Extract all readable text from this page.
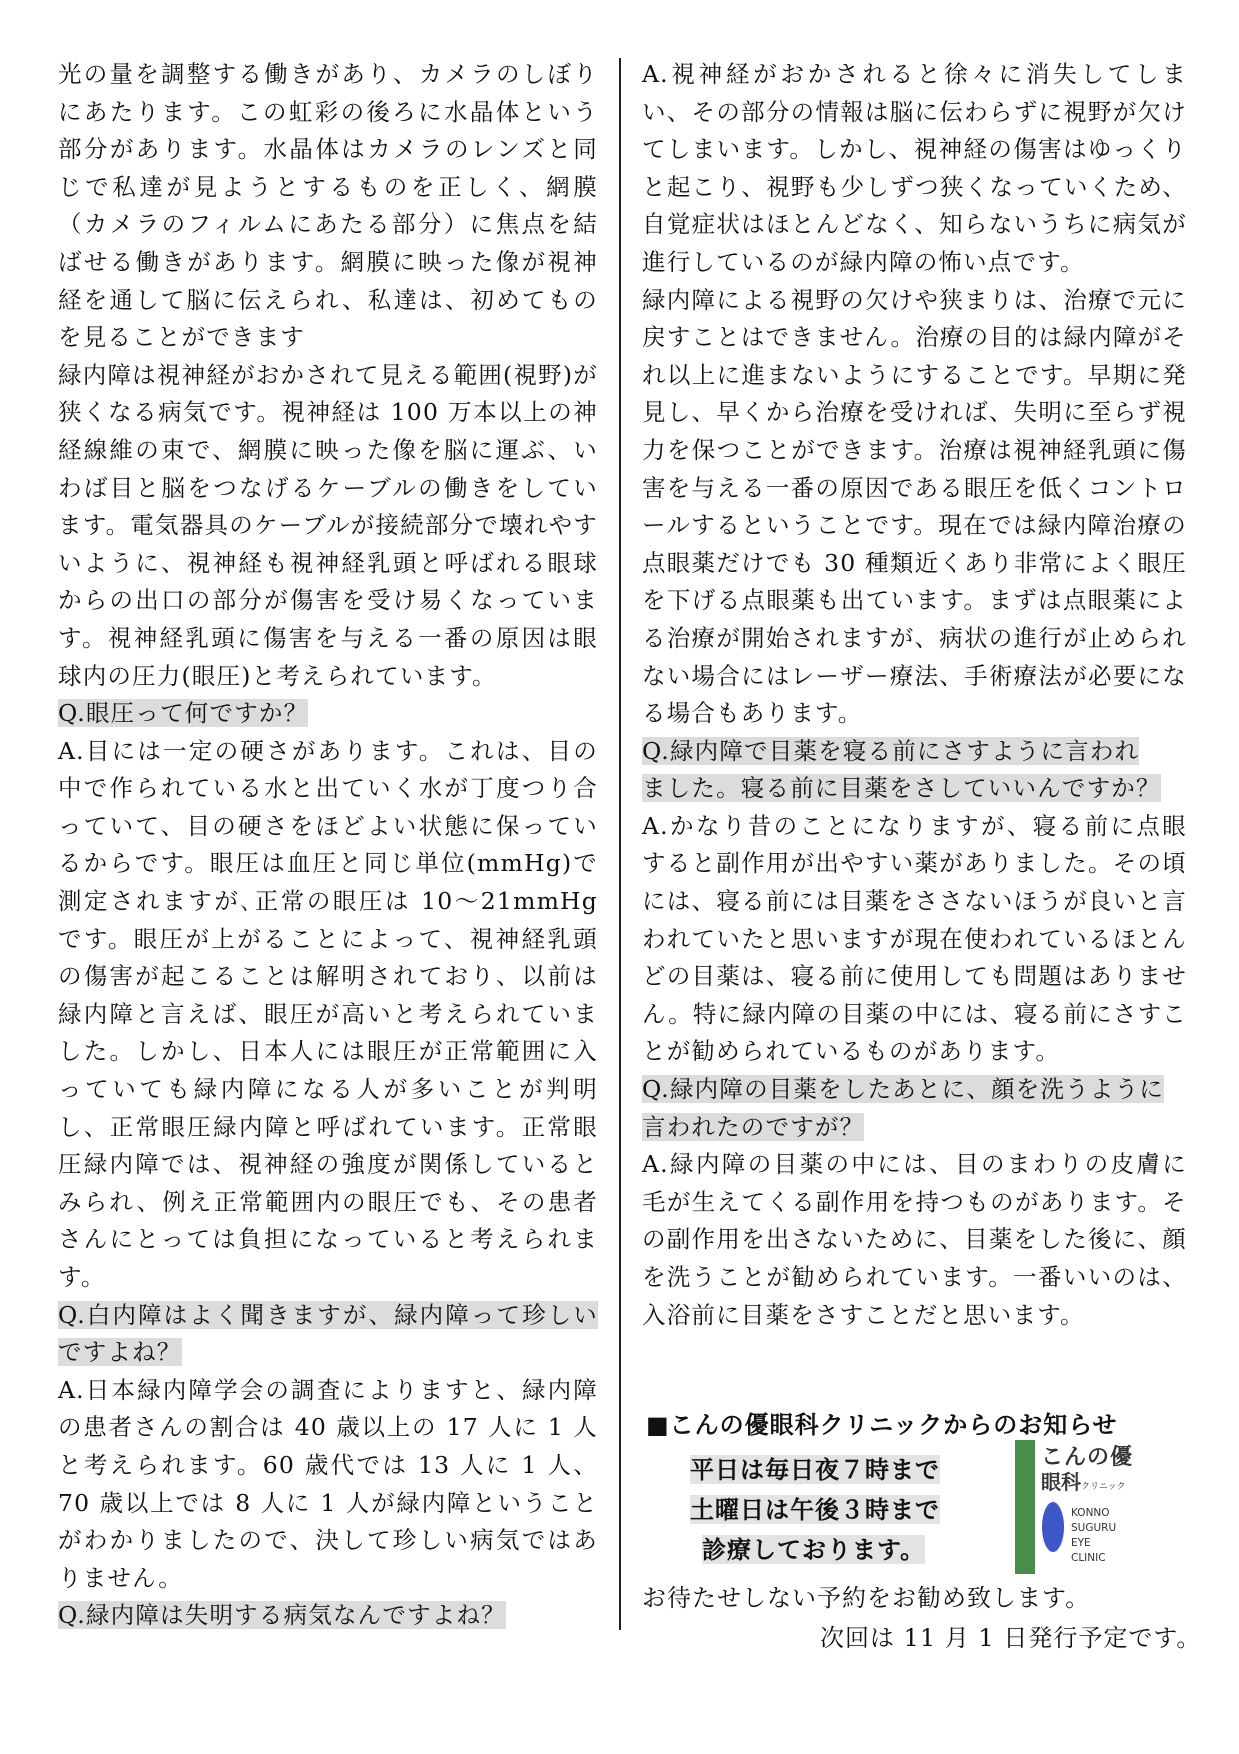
光の量を調整する働きがあり、カメラのしぼりにあたります。この虹彩の後ろに水晶体という部分があります。水晶体はカメラのレンズと同じで私達が見ようとするものを正しく、網膜（カメラのフィルムにあたる部分）に焦点を結ばせる働きがあります。網膜に映った像が視神経を通して脳に伝えられ、私達は、初めてものを見ることができます

緑内障は視神経がおかされて見える範囲(視野)が狭くなる病気です。視神経は 100 万本以上の神経線維の束で、網膜に映った像を脳に運ぶ、いわば目と脳をつなげるケーブルの働きをしています。電気器具のケーブルが接続部分で壊れやすいように、視神経も視神経乳頭と呼ばれる眼球からの出口の部分が傷害を受け易くなっています。視神経乳頭に傷害を与える一番の原因は眼球内の圧力(眼圧)と考えられています。

Q.眼圧って何ですか？

A.目には一定の硬さがあります。これは、目の中で作られている水と出ていく水が丁度つり合っていて、目の硬さをほどよい状態に保っているからです。眼圧は血圧と同じ単位(mmHg)で測定されますが､正常の眼圧は 10～21mmHg です。眼圧が上がることによって、視神経乳頭の傷害が起こることは解明されており、以前は緑内障と言えば、眼圧が高いと考えられていました。しかし、日本人には眼圧が正常範囲に入っていても緑内障になる人が多いことが判明し、正常眼圧緑内障と呼ばれています。正常眼圧緑内障では、視神経の強度が関係しているとみられ、例え正常範囲内の眼圧でも、その患者さんにとっては負担になっていると考えられます。

Q.白内障はよく聞きますが、緑内障って珍しいですよね？

A.日本緑内障学会の調査によりますと、緑内障の患者さんの割合は 40 歳以上の 17 人に 1 人と考えられます。60 歳代では 13 人に 1 人、70 歳以上では 8 人に 1 人が緑内障ということがわかりましたので、決して珍しい病気ではありません。

Q.緑内障は失明する病気なんですよね？

A.視神経がおかされると徐々に消失してしまい、その部分の情報は脳に伝わらずに視野が欠けてしまいます。しかし、視神経の傷害はゆっくりと起こり、視野も少しずつ狭くなっていくため、自覚症状はほとんどなく、知らないうちに病気が進行しているのが緑内障の怖い点です。

緑内障による視野の欠けや狭まりは、治療で元に戻すことはできません。治療の目的は緑内障がそれ以上に進まないようにすることです。早期に発見し、早くから治療を受ければ、失明に至らず視力を保つことができます。治療は視神経乳頭に傷害を与える一番の原因である眼圧を低くコントロールするということです。現在では緑内障治療の点眼薬だけでも 30 種類近くあり非常によく眼圧を下げる点眼薬も出ています。まずは点眼薬による治療が開始されますが、病状の進行が止められない場合にはレーザー療法、手術療法が必要になる場合もあります。

Q.緑内障で目薬を寝る前にさすように言われ
ました。寝る前に目薬をさしていいんですか？

A.かなり昔のことになりますが、寝る前に点眼すると副作用が出やすい薬がありました。その頃には、寝る前には目薬をささないほうが良いと言われていたと思いますが現在使われているほとんどの目薬は、寝る前に使用しても問題はありません。特に緑内障の目薬の中には、寝る前にさすことが勧められているものがあります。

Q.緑内障の目薬をしたあとに、顔を洗うように
言われたのですが？

A.緑内障の目薬の中には、目のまわりの皮膚に毛が生えてくる副作用を持つものがあります。その副作用を出さないために、目薬をした後に、顔を洗うことが勧められています。一番いいのは、入浴前に目薬をさすことだと思います。

■こんの優眼科クリニックからのお知らせ
平日は毎日夜７時まで
土曜日は午後３時まで
診療しております。
こんの優
眼科クリニック
KONNO
SUGURU
EYE
CLINIC
お待たせしない予約をお勧め致します。
次回は 11 月 1 日発行予定です。
